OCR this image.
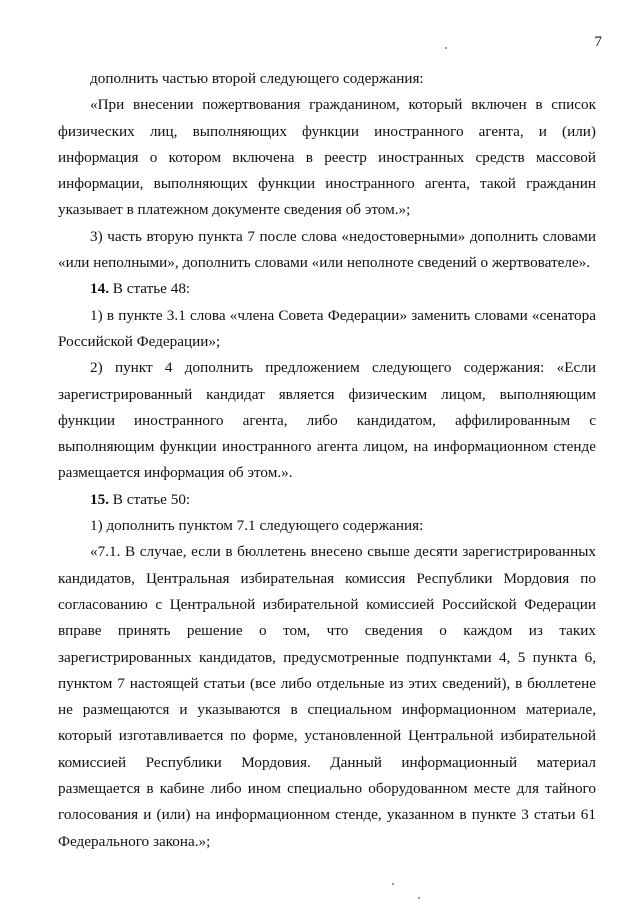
7

дополнить частью второй следующего содержания:

«При внесении пожертвования гражданином, который включен в список физических лиц, выполняющих функции иностранного агента, и (или) информация о котором включена в реестр иностранных средств массовой информации, выполняющих функции иностранного агента, такой гражданин указывает в платежном документе сведения об этом.»;

3) часть вторую пункта 7 после слова «недостоверными» дополнить словами «или неполными», дополнить словами «или неполноте сведений о жертвователе».

14. В статье 48:

1) в пункте 3.1 слова «члена Совета Федерации» заменить словами «сенатора Российской Федерации»;

2) пункт 4 дополнить предложением следующего содержания: «Если зарегистрированный кандидат является физическим лицом, выполняющим функции иностранного агента, либо кандидатом, аффилированным с выполняющим функции иностранного агента лицом, на информационном стенде размещается информация об этом.».

15. В статье 50:

1) дополнить пунктом 7.1 следующего содержания:

«7.1. В случае, если в бюллетень внесено свыше десяти зарегистрированных кандидатов, Центральная избирательная комиссия Республики Мордовия по согласованию с Центральной избирательной комиссией Российской Федерации вправе принять решение о том, что сведения о каждом из таких зарегистрированных кандидатов, предусмотренные подпунктами 4, 5 пункта 6, пунктом 7 настоящей статьи (все либо отдельные из этих сведений), в бюллетене не размещаются и указываются в специальном информационном материале, который изготавливается по форме, установленной Центральной избирательной комиссией Республики Мордовия. Данный информационный материал размещается в кабине либо ином специально оборудованном месте для тайного голосования и (или) на информационном стенде, указанном в пункте 3 статьи 61 Федерального закона.»;
